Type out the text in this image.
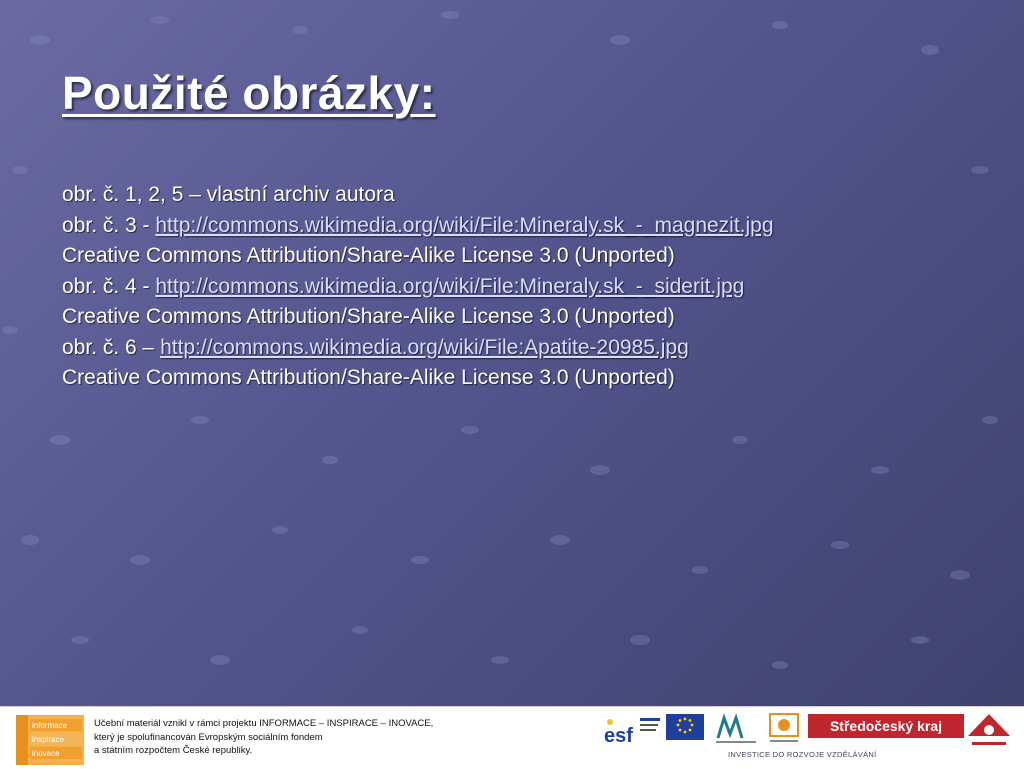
Použité obrázky:
obr. č. 1, 2, 5 – vlastní archiv autora
obr. č. 3 - http://commons.wikimedia.org/wiki/File:Mineraly.sk_-_magnezit.jpg
Creative Commons Attribution/Share-Alike License 3.0 (Unported)
obr. č. 4 - http://commons.wikimedia.org/wiki/File:Mineraly.sk_-_siderit.jpg
Creative Commons Attribution/Share-Alike License 3.0 (Unported)
obr. č. 6 – http://commons.wikimedia.org/wiki/File:Apatite-20985.jpg
Creative Commons Attribution/Share-Alike License 3.0 (Unported)
informace
inspirace
inovace
Učební materiál vznikl v rámci projektu INFORMACE – INSPIRACE – INOVACE,
který je spolufinancován Evropským sociálním fondem
a státním rozpočtem České republiky.
esf	Středočeský kraj
INVESTICE DO ROZVOJE VZDĚLÁVÁNÍ
